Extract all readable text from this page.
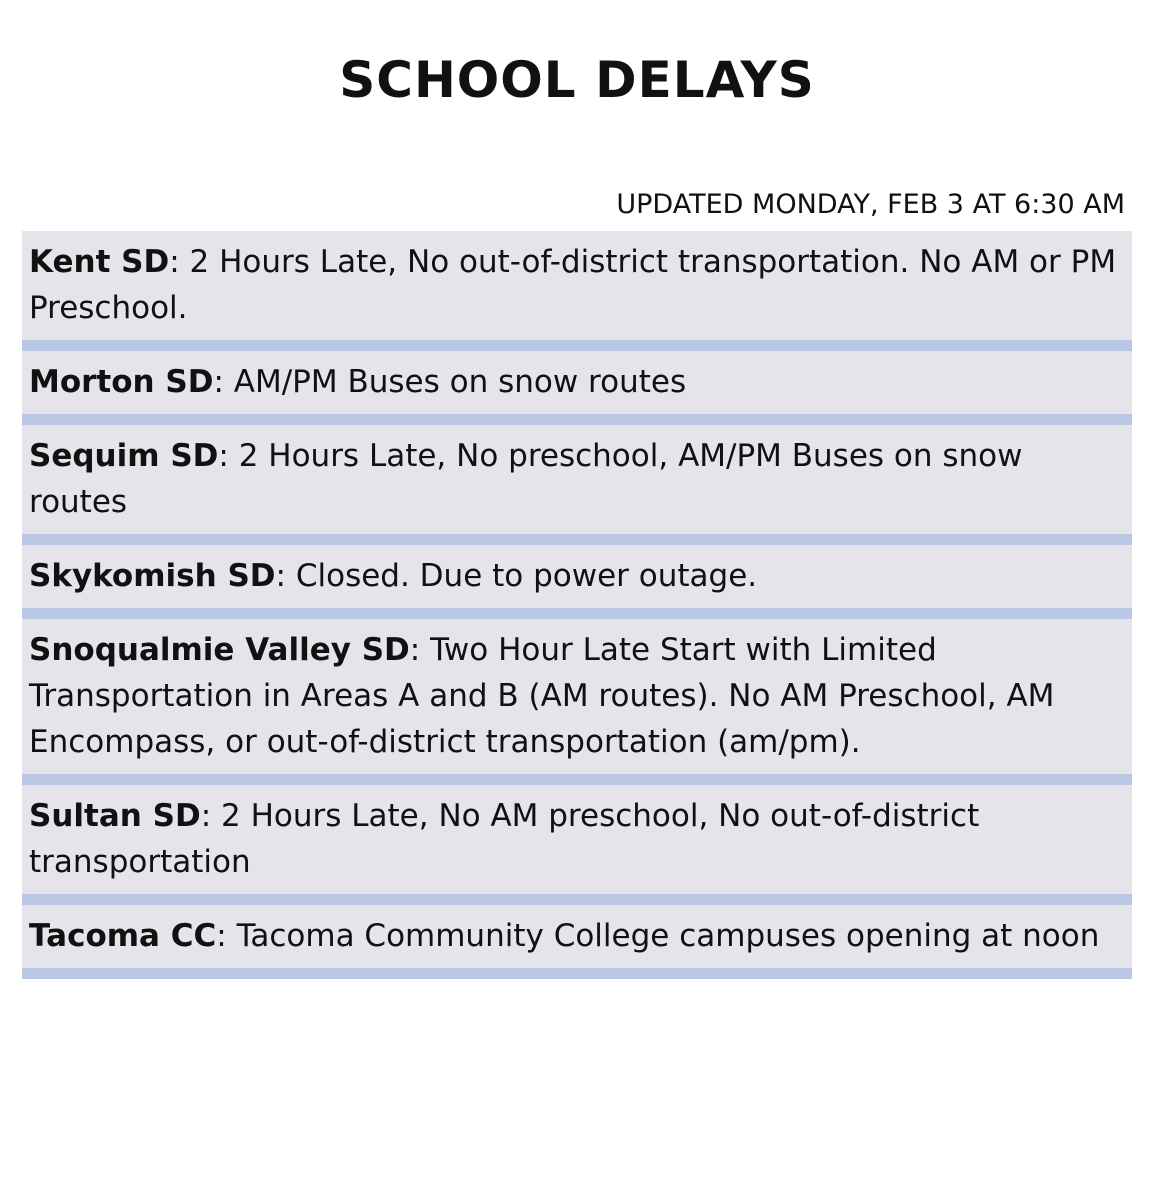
SCHOOL DELAYS
UPDATED MONDAY, FEB 3 AT 6:30 AM
Kent SD: 2 Hours Late, No out-of-district transportation. No AM or PM Preschool.
Morton SD: AM/PM Buses on snow routes
Sequim SD: 2 Hours Late, No preschool, AM/PM Buses on snow routes
Skykomish SD: Closed. Due to power outage.
Snoqualmie Valley SD: Two Hour Late Start with Limited Transportation in Areas A and B (AM routes). No AM Preschool, AM Encompass, or out-of-district transportation (am/pm).
Sultan SD: 2 Hours Late, No AM preschool, No out-of-district transportation
Tacoma CC: Tacoma Community College campuses opening at noon
